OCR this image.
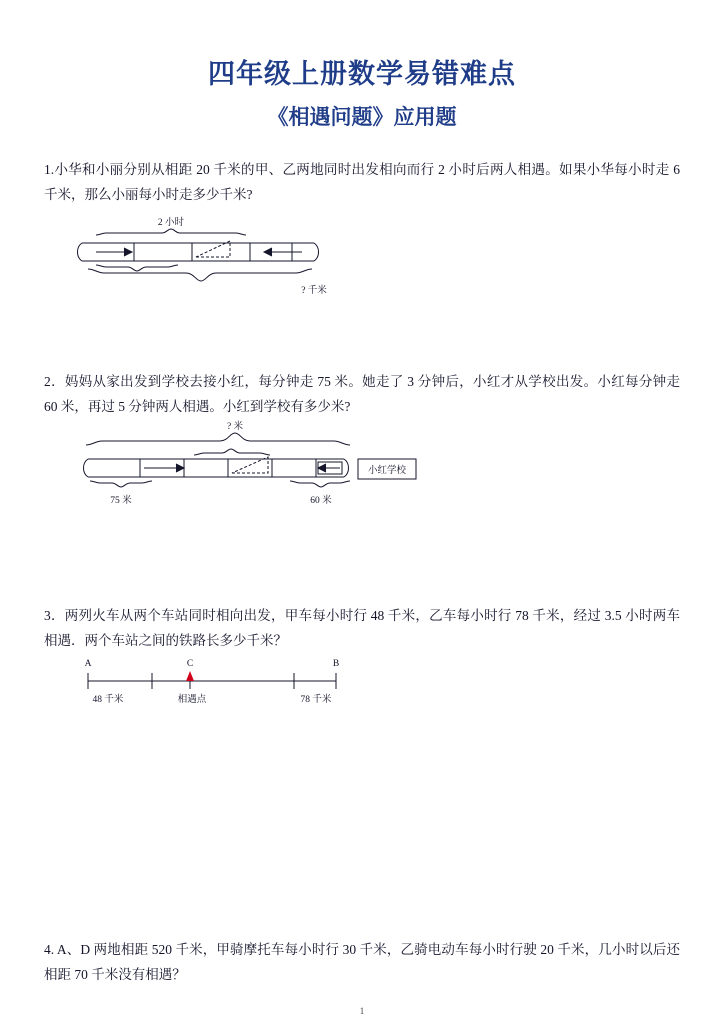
四年级上册数学易错难点
《相遇问题》应用题
1.小华和小丽分别从相距 20 千米的甲、乙两地同时出发相向而行 2 小时后两人相遇。如果小华每小时走 6 千米，那么小丽每小时走多少千米?
2 小时
? 千米
2．妈妈从家出发到学校去接小红，每分钟走 75 米。她走了 3 分钟后，小红才从学校出发。小红每分钟走 60 米，再过 5 分钟两人相遇。小红到学校有多少米?
? 米
75 米	60 米
小红学校
3．两列火车从两个车站同时相向出发，甲车每小时行 48 千米，乙车每小时行 78 千米，经过 3.5 小时两车相遇．两个车站之间的铁路长多少千米？
A	C	B
48 千米	相遇点	78 千米
4. A、D 两地相距 520 千米，甲骑摩托车每小时行 30 千米，乙骑电动车每小时行驶 20 千米，几小时以后还相距 70 千米没有相遇？
1
